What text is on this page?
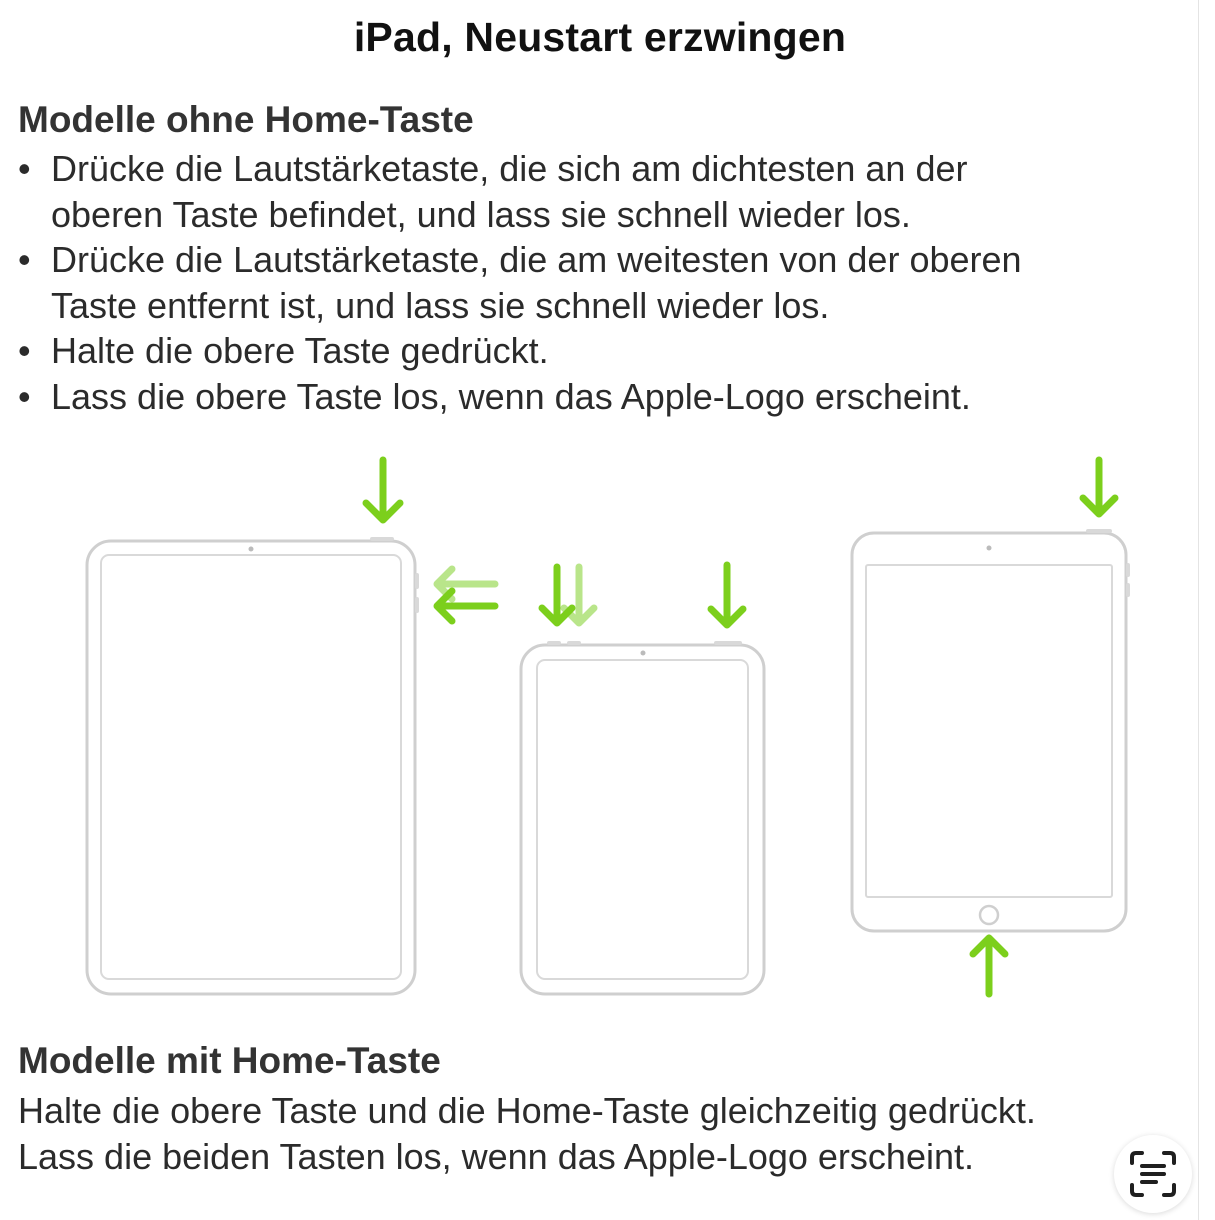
iPad, Neustart erzwingen
Modelle ohne Home-Taste
• Drücke die Lautstärketaste, die sich am dichtesten an der
oberen Taste befindet, und lass sie schnell wieder los.
• Drücke die Lautstärketaste, die am weitesten von der oberen
Taste entfernt ist, und lass sie schnell wieder los.
• Halte die obere Taste gedrückt.
• Lass die obere Taste los, wenn das Apple-Logo erscheint.
Modelle mit Home-Taste

Halte die obere Taste und die Home-Taste gleichzeitig gedrückt.
Lass die beiden Tasten los, wenn das Apple-Logo erscheint.
